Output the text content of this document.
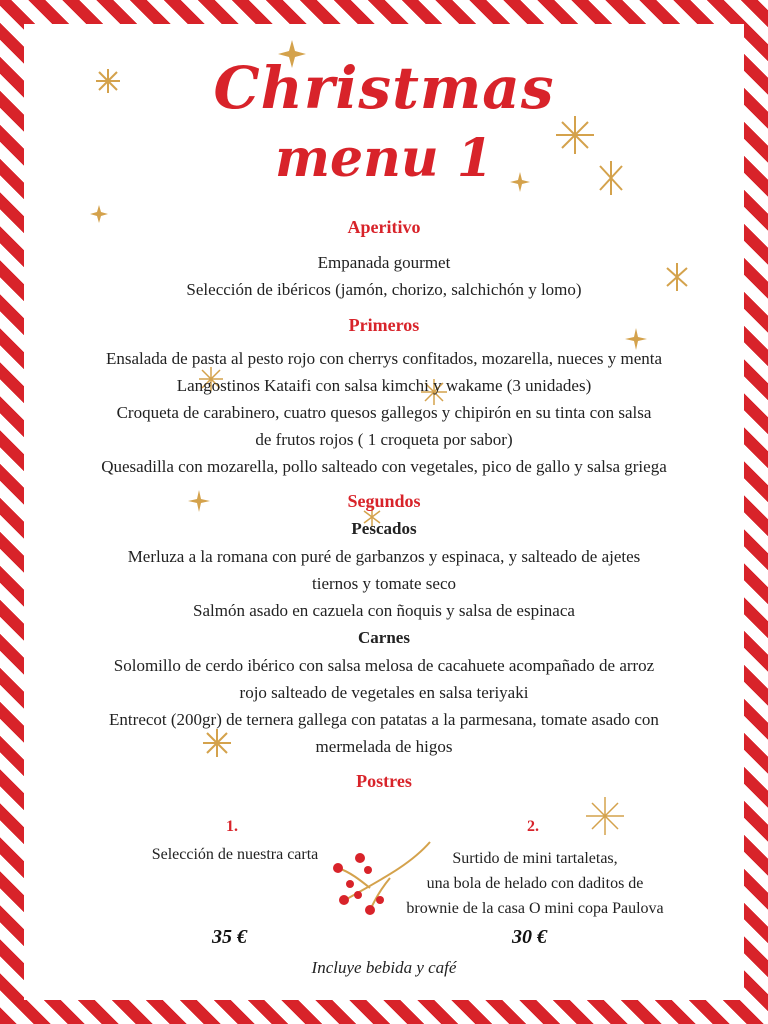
Christmas
menu 1
Aperitivo
Empanada gourmet
Selección de ibéricos (jamón, chorizo, salchichón y lomo)
Primeros
Ensalada de pasta al pesto rojo con cherrys confitados, mozarella, nueces y menta
Langostinos Kataifi con salsa kimchi y wakame (3 unidades)
Croqueta de carabinero, cuatro quesos gallegos y chipirón en su tinta con salsa
de frutos rojos ( 1 croqueta por sabor)
Quesadilla con mozarella, pollo salteado con vegetales, pico de gallo y salsa griega
Segundos
Pescados
Merluza a la romana con puré de garbanzos y espinaca, y salteado de ajetes
tiernos y tomate seco
Salmón asado en cazuela con ñoquis y salsa de espinaca
Carnes
Solomillo de cerdo ibérico con salsa melosa de cacahuete acompañado de arroz
rojo salteado de vegetales en salsa teriyaki
Entrecot (200gr) de ternera gallega con patatas a la parmesana, tomate asado con
mermelada de higos
Postres
1.
Selección de nuestra carta
2.
Surtido de mini tartaletas,
una bola de helado con daditos de
brownie de la casa O mini copa Paulova
35 €	30 €
Incluye bebida y café
